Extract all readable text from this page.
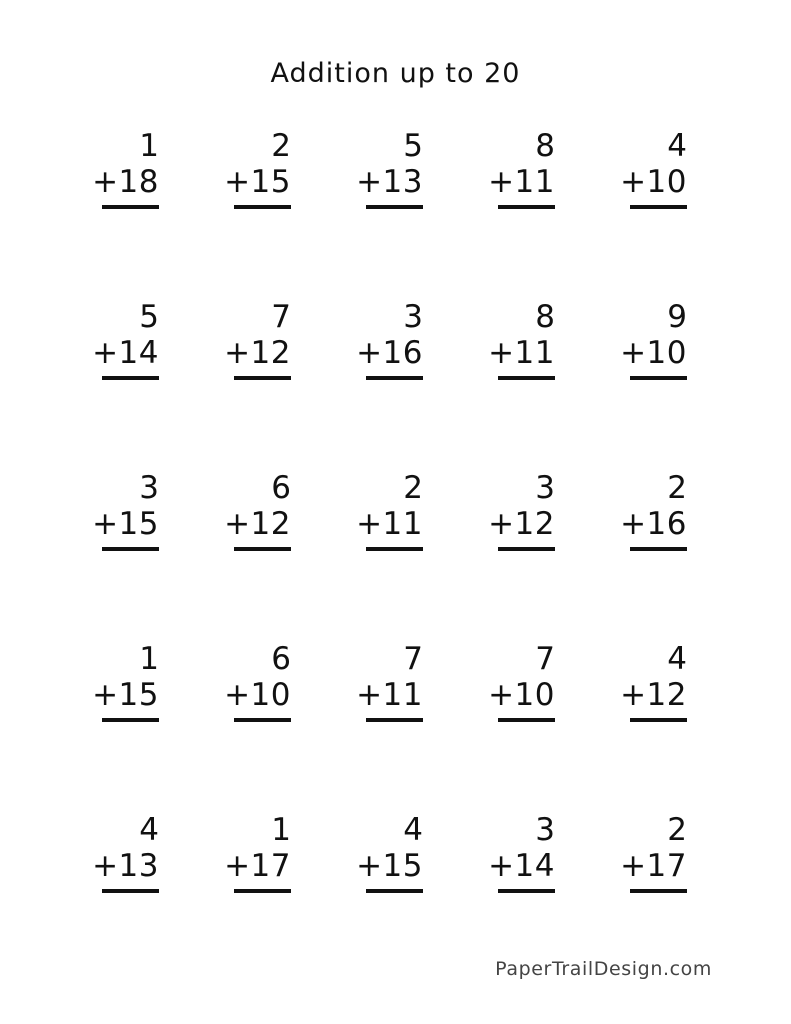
Addition up to 20
1
+18
2
+15
5
+13
8
+11
4
+10
5
+14
7
+12
3
+16
8
+11
9
+10
3
+15
6
+12
2
+11
3
+12
2
+16
1
+15
6
+10
7
+11
7
+10
4
+12
4
+13
1
+17
4
+15
3
+14
2
+17
PaperTrailDesign.com
